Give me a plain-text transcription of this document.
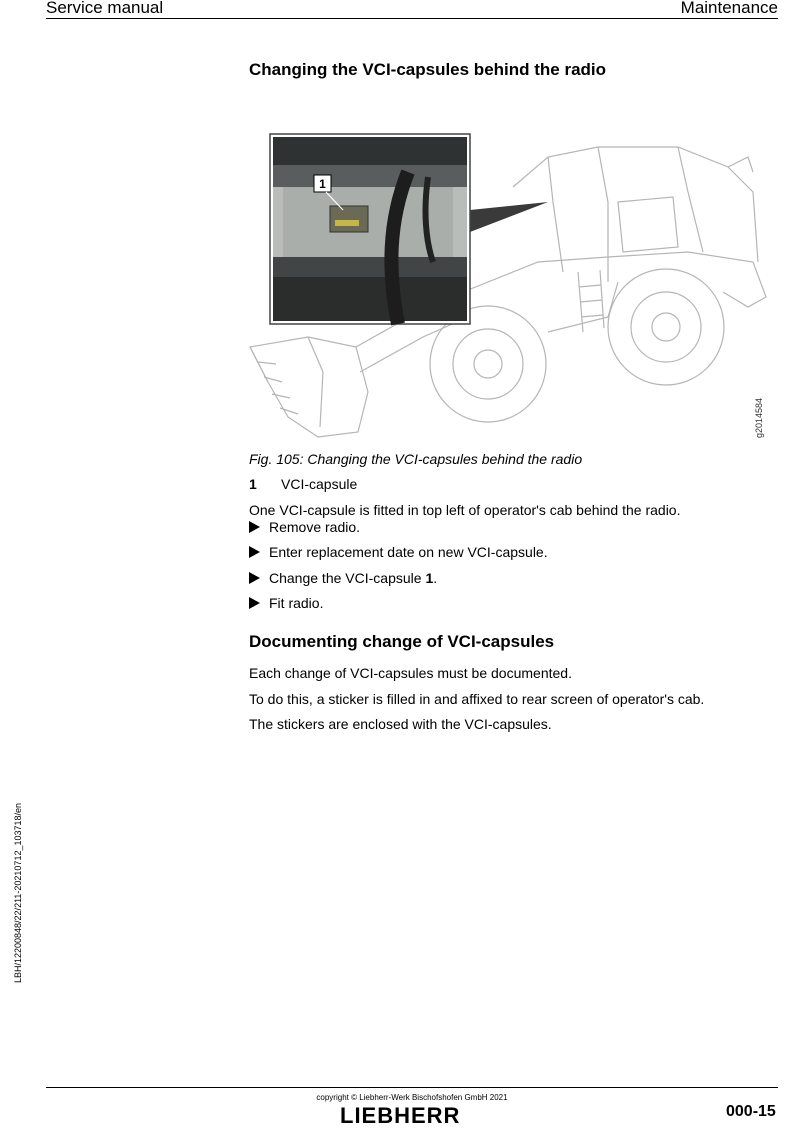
Service manual	Maintenance
Changing the VCI-capsules behind the radio
1
g2014584
Fig. 105: Changing the VCI-capsules behind the radio
1 VCI-capsule
One VCI-capsule is fitted in top left of operator's cab behind the radio.
Remove radio.
Enter replacement date on new VCI-capsule.
Change the VCI-capsule 1 .
Fit radio.
Documenting change of VCI-capsules
Each change of VCI-capsules must be documented.
To do this, a sticker is filled in and affixed to rear screen of operator's cab.
The stickers are enclosed with the VCI-capsules.
LBH/12200848/22/211-20210712_103718/en
copyright © Liebherr-Werk Bischofshofen GmbH 2021
LIEBHERR	000-15
